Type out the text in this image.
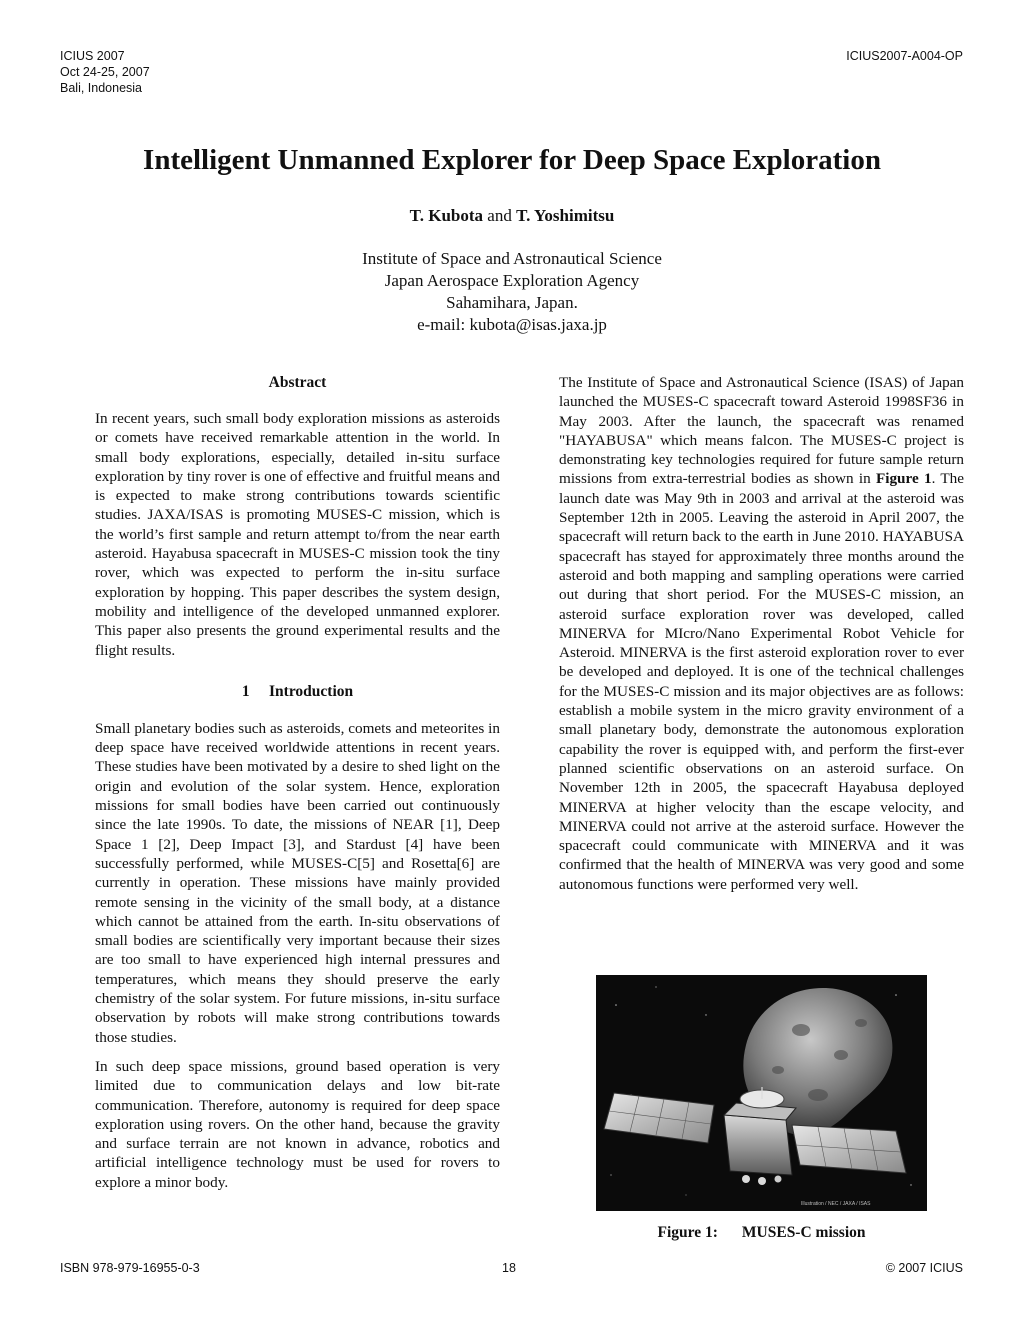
ICIUS 2007
Oct 24-25, 2007
Bali, Indonesia
ICIUS2007-A004-OP
Intelligent Unmanned Explorer for Deep Space Exploration
T. Kubota and T. Yoshimitsu
Institute of Space and Astronautical Science
Japan Aerospace Exploration Agency
Sahamihara, Japan.
e-mail: kubota@isas.jaxa.jp
Abstract

In recent years, such small body exploration missions as asteroids or comets have received remarkable attention in the world. In small body explorations, especially, detailed in-situ surface exploration by tiny rover is one of effective and fruitful means and is expected to make strong contributions towards scientific studies. JAXA/ISAS is promoting MUSES-C mission, which is the world’s first sample and return attempt to/from the near earth asteroid. Hayabusa spacecraft in MUSES-C mission took the tiny rover, which was expected to perform the in-situ surface exploration by hopping. This paper describes the system design, mobility and intelligence of the developed unmanned explorer. This paper also presents the ground experimental results and the flight results.

1 Introduction

Small planetary bodies such as asteroids, comets and meteorites in deep space have received worldwide attentions in recent years. These studies have been motivated by a desire to shed light on the origin and evolution of the solar system. Hence, exploration missions for small bodies have been carried out continuously since the late 1990s. To date, the missions of NEAR [1], Deep Space 1 [2], Deep Impact [3], and Stardust [4] have been successfully performed, while MUSES-C[5] and Rosetta[6] are currently in operation. These missions have mainly provided remote sensing in the vicinity of the small body, at a distance which cannot be attained from the earth. In-situ observations of small bodies are scientifically very important because their sizes are too small to have experienced high internal pressures and temperatures, which means they should preserve the early chemistry of the solar system. For future missions, in-situ surface observation by robots will make strong contributions towards those studies.

In such deep space missions, ground based operation is very limited due to communication delays and low bit-rate communication. Therefore, autonomy is required for deep space exploration using rovers. On the other hand, because the gravity and surface terrain are not known in advance, robotics and artificial intelligence technology must be used for rovers to explore a minor body.

The Institute of Space and Astronautical Science (ISAS) of Japan launched the MUSES-C spacecraft toward Asteroid 1998SF36 in May 2003. After the launch, the spacecraft was renamed "HAYABUSA" which means falcon. The MUSES-C project is demonstrating key technologies required for future sample return missions from extra-terrestrial bodies as shown in Figure 1. The launch date was May 9th in 2003 and arrival at the asteroid was September 12th in 2005. Leaving the asteroid in April 2007, the spacecraft will return back to the earth in June 2010. HAYABUSA spacecraft has stayed for approximately three months around the asteroid and both mapping and sampling operations were carried out during that short period. For the MUSES-C mission, an asteroid surface exploration rover was developed, called MINERVA for MIcro/Nano Experimental Robot Vehicle for Asteroid. MINERVA is the first asteroid exploration rover to ever be developed and deployed. It is one of the technical challenges for the MUSES-C mission and its major objectives are as follows: establish a mobile system in the micro gravity environment of a small planetary body, demonstrate the autonomous exploration capability the rover is equipped with, and perform the first-ever planned scientific observations on an asteroid surface. On November 12th in 2005, the spacecraft Hayabusa deployed MINERVA at higher velocity than the escape velocity, and MINERVA could not arrive at the asteroid surface. However the spacecraft could communicate with MINERVA and it was confirmed that the health of MINERVA was very good and some autonomous functions were performed very well.

Illustration / NEC / JAXA / ISAS
Figure 1: MUSES-C mission
ISBN 978-979-16955-0-3	18	© 2007 ICIUS
